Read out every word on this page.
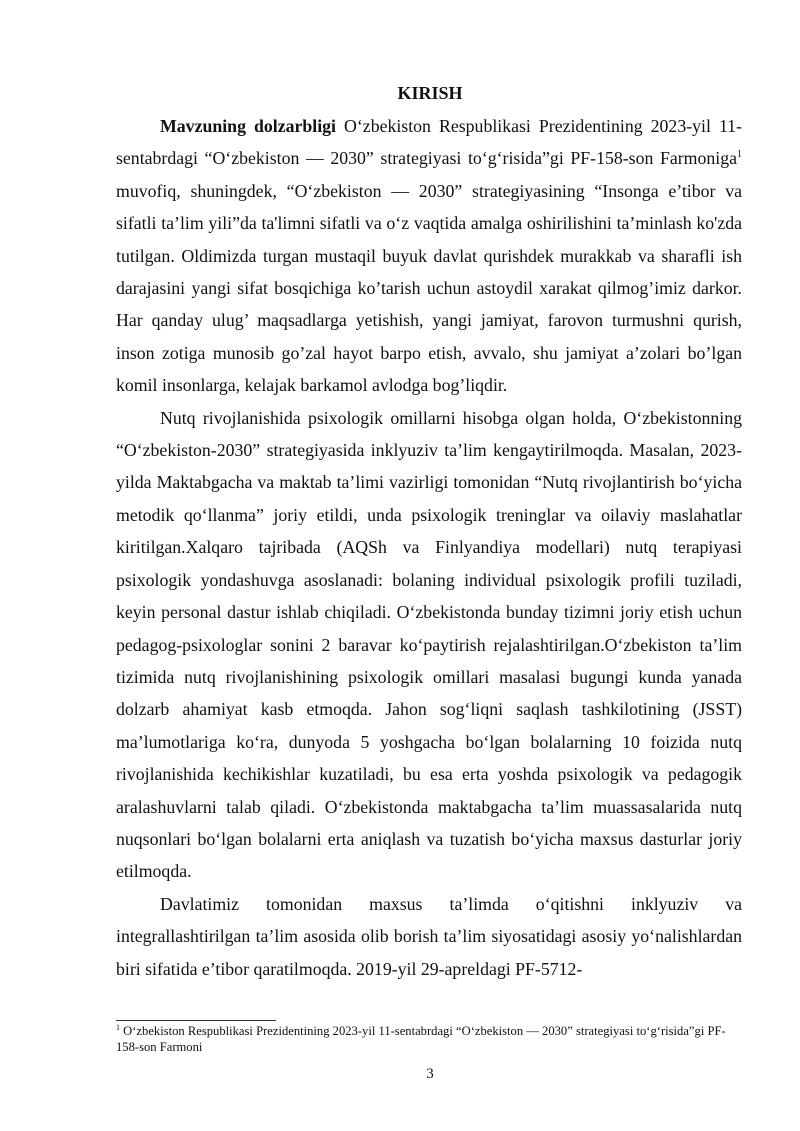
KIRISH

Mavzuning dolzarbligi O‘zbekiston Respublikasi Prezidentining 2023-yil 11-sentabrdagi “O‘zbekiston — 2030” strategiyasi to‘g‘risida”gi PF-158-son Farmoniga$^1$ muvofiq, shuningdek, “O‘zbekiston — 2030” strategiyasining “Insonga e’tibor va sifatli ta’lim yili”da ta'limni sifatli va o‘z vaqtida amalga oshirilishini ta’minlash ko'zda tutilgan. Oldimizda turgan mustaqil buyuk davlat qurishdek murakkab va sharafli ish darajasini yangi sifat bosqichiga ko’tarish uchun astoydil xarakat qilmog’imiz darkor. Har qanday ulug’ maqsadlarga yetishish, yangi jamiyat, farovon turmushni qurish, inson zotiga munosib go’zal hayot barpo etish, avvalo, shu jamiyat a’zolari bo’lgan komil insonlarga, kelajak barkamol avlodga bog’liqdir.

Nutq rivojlanishida psixologik omillarni hisobga olgan holda, O‘zbekistonning “O‘zbekiston-2030” strategiyasida inklyuziv ta’lim kengaytirilmoqda. Masalan, 2023-yilda Maktabgacha va maktab ta’limi vazirligi tomonidan “Nutq rivojlantirish bo‘yicha metodik qo‘llanma” joriy etildi, unda psixologik treninglar va oilaviy maslahatlar kiritilgan.Xalqaro tajribada (AQSh va Finlyandiya modellari) nutq terapiyasi psixologik yondashuvga asoslanadi: bolaning individual psixologik profili tuziladi, keyin personal dastur ishlab chiqiladi. O‘zbekistonda bunday tizimni joriy etish uchun pedagog-psixologlar sonini 2 baravar ko‘paytirish rejalashtirilgan.O‘zbekiston ta’lim tizimida nutq rivojlanishining psixologik omillari masalasi bugungi kunda yanada dolzarb ahamiyat kasb etmoqda. Jahon sog‘liqni saqlash tashkilotining (JSST) ma’lumotlariga ko‘ra, dunyoda 5 yoshgacha bo‘lgan bolalarning 10 foizida nutq rivojlanishida kechikishlar kuzatiladi, bu esa erta yoshda psixologik va pedagogik aralashuvlarni talab qiladi. O‘zbekistonda maktabgacha ta’lim muassasalarida nutq nuqsonlari bo‘lgan bolalarni erta aniqlash va tuzatish bo‘yicha maxsus dasturlar joriy etilmoqda.

Davlatimiz tomonidan maxsus ta’limda o‘qitishni inklyuziv va integrallashtirilgan ta’lim asosida olib borish ta’lim siyosatidagi asosiy yo‘nalishlardan biri sifatida e’tibor qaratilmoqda. 2019-yil 29-apreldagi PF-5712-

$^1$ O‘zbekiston Respublikasi Prezidentining 2023-yil 11-sentabrdagi “O‘zbekiston — 2030” strategiyasi to‘g‘risida”gi PF-158-son Farmoni
3
